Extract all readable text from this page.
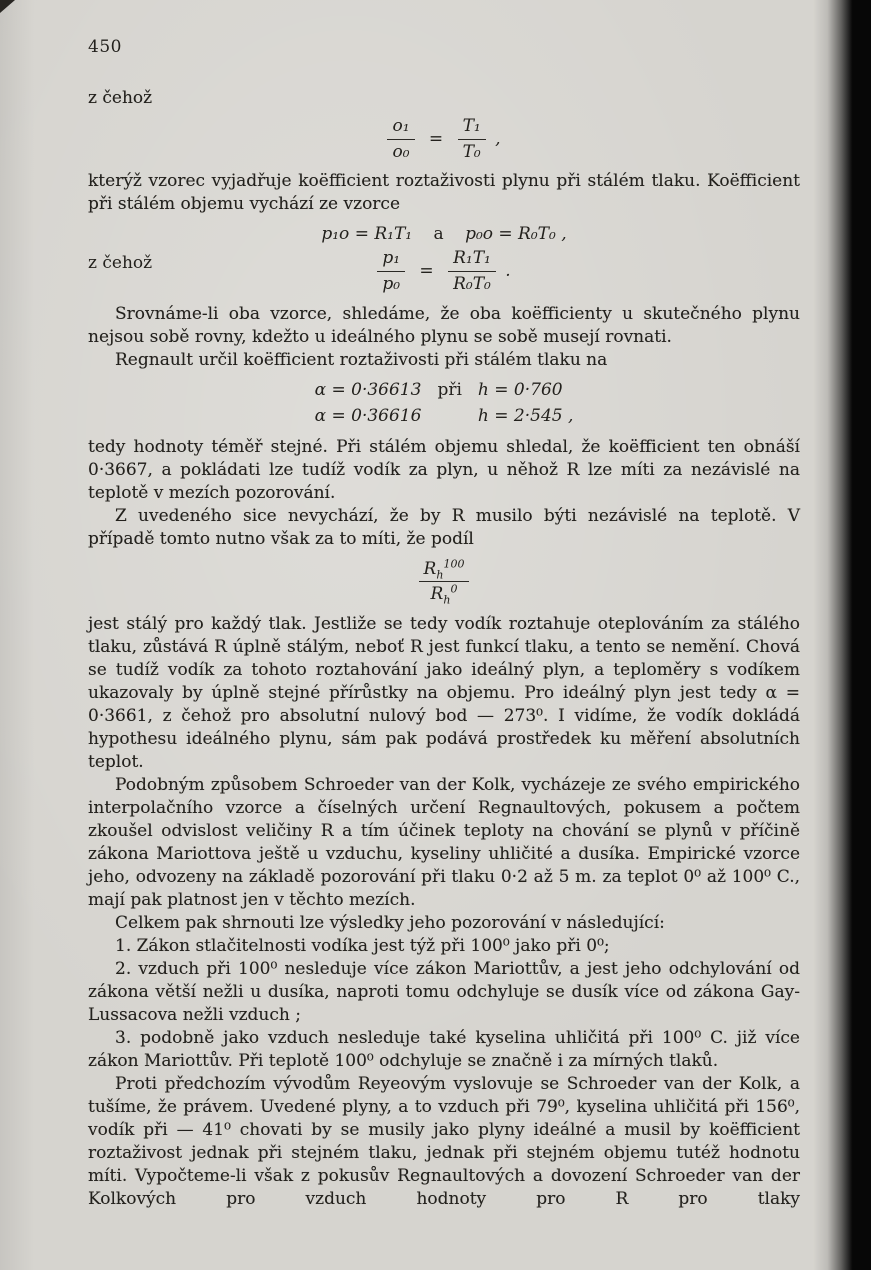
450
z čehož
$\frac{\text{o₁}}{\text{o₀}} = \frac{\text{T₁}}{\text{T₀}}$ ,

kterýž vzorec vyjadřuje koëfficient roztaživosti plynu při stálém tlaku. Koëfficient při stálém objemu vychází ze vzorce

p₁o = R₁T₁ a p₀o = R₀T₀ ,
z čehož	$\frac{\text{p₁}}{\text{p₀}} = \frac{\text{R₁T₁}}{\text{R₀T₀}}$ .

Srovnáme-li oba vzorce, shledáme, že oba koëfficienty u skutečného plynu nejsou sobě rovny, kdežto u ideálného plynu se sobě musejí rovnati.

Regnault určil koëfficient roztaživosti při stálém tlaku na

α = 0·36613 při h = 0·760
α = 0·36616	h = 2·545 ,

tedy hodnoty téměř stejné. Při stálém objemu shledal, že koëfficient ten obnáší 0·3667, a pokládati lze tudíž vodík za plyn, u něhož R lze míti za nezávislé na teplotě v mezích pozorování.

Z uvedeného sice nevychází, že by R musilo býti nezávislé na teplotě. V případě tomto nutno však za to míti, že podíl

$\frac{R_h^{100}}{R_h^0}$

jest stálý pro každý tlak. Jestliže se tedy vodík roztahuje oteplováním za stálého tlaku, zůstává R úplně stálým, neboť R jest funkcí tlaku, a tento se nemění. Chová se tudíž vodík za tohoto roztahování jako ideálný plyn, a teploměry s vodíkem ukazovaly by úplně stejné přírůstky na objemu. Pro ideálný plyn jest tedy α = 0·3661, z čehož pro absolutní nulový bod — 273⁰. I vidíme, že vodík dokládá hypothesu ideálného plynu, sám pak podává prostředek ku měření absolutních teplot.

Podobným způsobem Schroeder van der Kolk, vycházeje ze svého empirického interpolačního vzorce a číselných určení Regnaultových, pokusem a počtem zkoušel odvislost veličiny R a tím účinek teploty na chování se plynů v příčině zákona Mariottova ještě u vzduchu, kyseliny uhličité a dusíka. Empirické vzorce jeho, odvozeny na základě pozorování při tlaku 0·2 až 5 m. za teplot 0⁰ až 100⁰ C., mají pak platnost jen v těchto mezích.

Celkem pak shrnouti lze výsledky jeho pozorování v následující:

1. Zákon stlačitelnosti vodíka jest týž při 100⁰ jako při 0⁰;

2. vzduch při 100⁰ nesleduje více zákon Mariottův, a jest jeho odchylování od zákona větší nežli u dusíka, naproti tomu odchyluje se dusík více od zákona Gay-Lussacova nežli vzduch ;

3. podobně jako vzduch nesleduje také kyselina uhličitá při 100⁰ C. již více zákon Mariottův. Při teplotě 100⁰ odchyluje se značně i za mírných tlaků.

Proti předchozím vývodům Reyeovým vyslovuje se Schroeder van der Kolk, a tušíme, že právem. Uvedené plyny, a to vzduch při 79⁰, kyselina uhličitá při 156⁰, vodík při — 41⁰ chovati by se musily jako plyny ideálné a musil by koëfficient roztaživost jednak při stejném tlaku, jednak při stejném objemu tutéž hodnotu míti. Vypočteme-li však z pokusův Regnaultových a dovození Schroeder van der Kolkových pro vzduch hodnoty pro R pro tlaky
